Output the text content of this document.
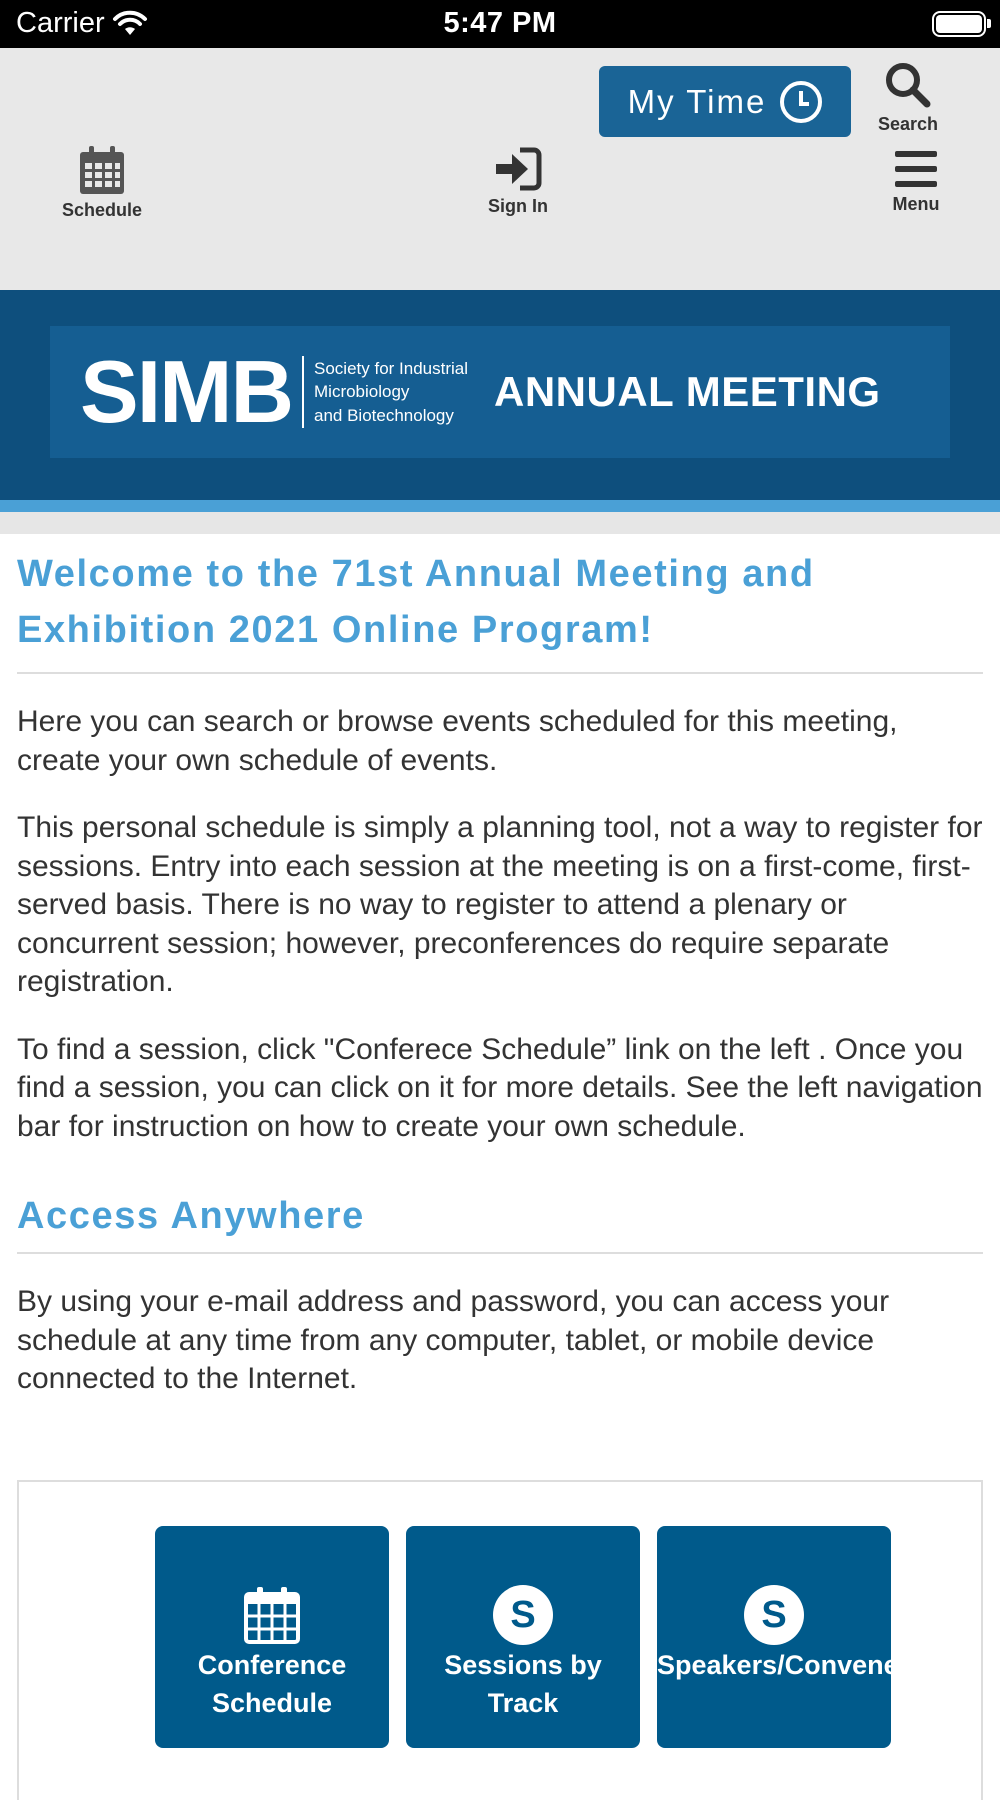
Carrier	5:47 PM
My Time
Search
Schedule	Sign In	Menu
SIMB Society for Industrial
Microbiology
and Biotechnology
ANNUAL MEETING
Welcome to the 71st Annual Meeting and Exhibition 2021 Online Program!

Here you can search or browse events scheduled for this meeting, create your own schedule of events.

This personal schedule is simply a planning tool, not a way to register for sessions. Entry into each session at the meeting is on a first-come, first-served basis. There is no way to register to attend a plenary or concurrent session; however, preconferences do require separate registration.

To find a session, click "Conferece Schedule” link on the left . Once you find a session, you can click on it for more details. See the left navigation bar for instruction on how to create your own schedule.

Access Anywhere

By using your e-mail address and password, you can access your schedule at any time from any computer, tablet, or mobile device connected to the Internet.

Conference Schedule
S
Sessions by Track
S
Speakers/Conveners
